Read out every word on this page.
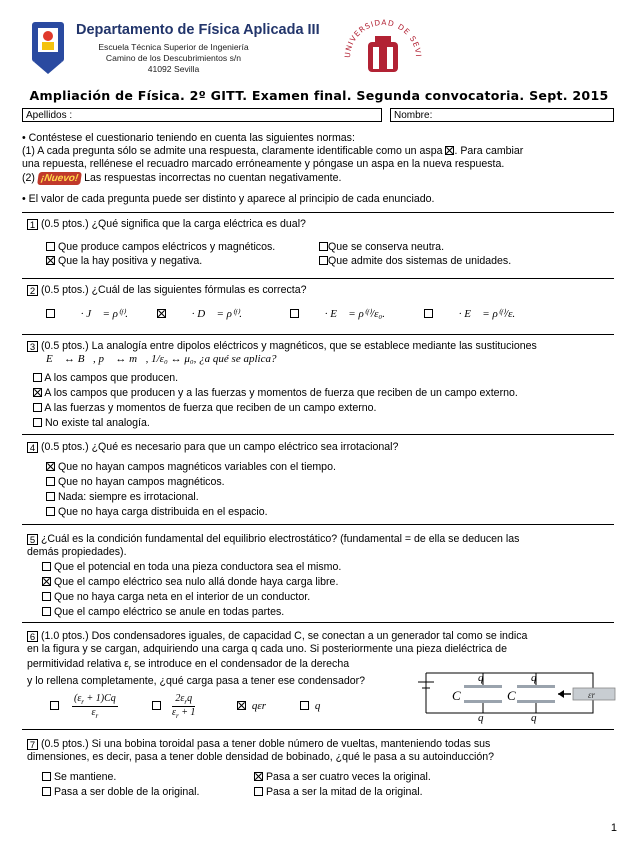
Departamento de Física Aplicada III
Escuela Técnica Superior de Ingeniería
Camino de los Descubrimientos s/n
41092 Sevilla
UNIVERSIDAD DE SEVI
Ampliación de Física. 2º GITT. Examen final. Segunda convocatoria. Sept. 2015
Apellidos :	Nombre:
• Contéstese el cuestionario teniendo en cuenta las siguientes normas:
(1) A cada pregunta sólo se admite una respuesta, claramente identificable como un aspa . Para cambiar
una repuesta, rellénese el recuadro marcado erróneamente y póngase un aspa en la nueva respuesta.
(2) ¡Nuevo! Las respuestas incorrectas no cuentan negativamente.
• El valor de cada pregunta puede ser distinto y aparece al principio de cada enunciado.
1 (0.5 ptos.) ¿Qué significa que la carga eléctrica es dual?
Que produce campos eléctricos y magnéticos.	Que se conserva neutra.
Que la hay positiva y negativa.	Que admite dos sistemas de unidades.
2 (0.5 ptos.) ¿Cuál de las siguientes fórmulas es correcta?
∇⃗ · J⃗ = ρ⁽ᶠ⁾.	∇⃗ · D⃗ = ρ⁽ᶠ⁾.	∇⃗ · E⃗ = ρ⁽ᶠ⁾/ε₀.	∇⃗ · E⃗ = ρ⁽ᶠ⁾/ε.
3 (0.5 ptos.) La analogía entre dipolos eléctricos y magnéticos, que se establece mediante las sustituciones
E⃗ ↔ B⃗, p⃗ ↔ m⃗, 1/ε₀ ↔ μ₀, ¿a qué se aplica?
A los campos que producen.
A los campos que producen y a las fuerzas y momentos de fuerza que reciben de un campo externo.
A las fuerzas y momentos de fuerza que reciben de un campo externo.
No existe tal analogía.
4 (0.5 ptos.) ¿Qué es necesario para que un campo eléctrico sea irrotacional?
Que no hayan campos magnéticos variables con el tiempo.
Que no hayan campos magnéticos.
Nada: siempre es irrotacional.
Que no haya carga distribuida en el espacio.
5 ¿Cuál es la condición fundamental del equilibrio electrostático? (fundamental = de ella se deducen las
demás propiedades).
Que el potencial en toda una pieza conductora sea el mismo.
Que el campo eléctrico sea nulo allá donde haya carga libre.
Que no haya carga neta en el interior de un conductor.
Que el campo eléctrico se anule en todas partes.
6 (1.0 ptos.) Dos condensadores iguales, de capacidad C, se conectan a un generador tal como se indica
en la figura y se cargan, adquiriendo una carga q cada uno. Si posteriormente una pieza dieléctrica de
permitividad relativa $\varepsilon_r$ se introduce en el condensador de la derecha
y lo rellena completamente, ¿qué carga pasa a tener ese condensador?
$(\varepsilon_r + 1)Cq$
$\varepsilon_r$
$2\varepsilon_rq$
$\varepsilon_r + 1$
qεr	q
C	C
q
q
q
q
εr
7 (0.5 ptos.) Si una bobina toroidal pasa a tener doble número de vueltas, manteniendo todas sus
dimensiones, es decir, pasa a tener doble densidad de bobinado, ¿qué le pasa a su autoinducción?
Se mantiene.	Pasa a ser cuatro veces la original.
Pasa a ser doble de la original.	Pasa a ser la mitad de la original.
1
